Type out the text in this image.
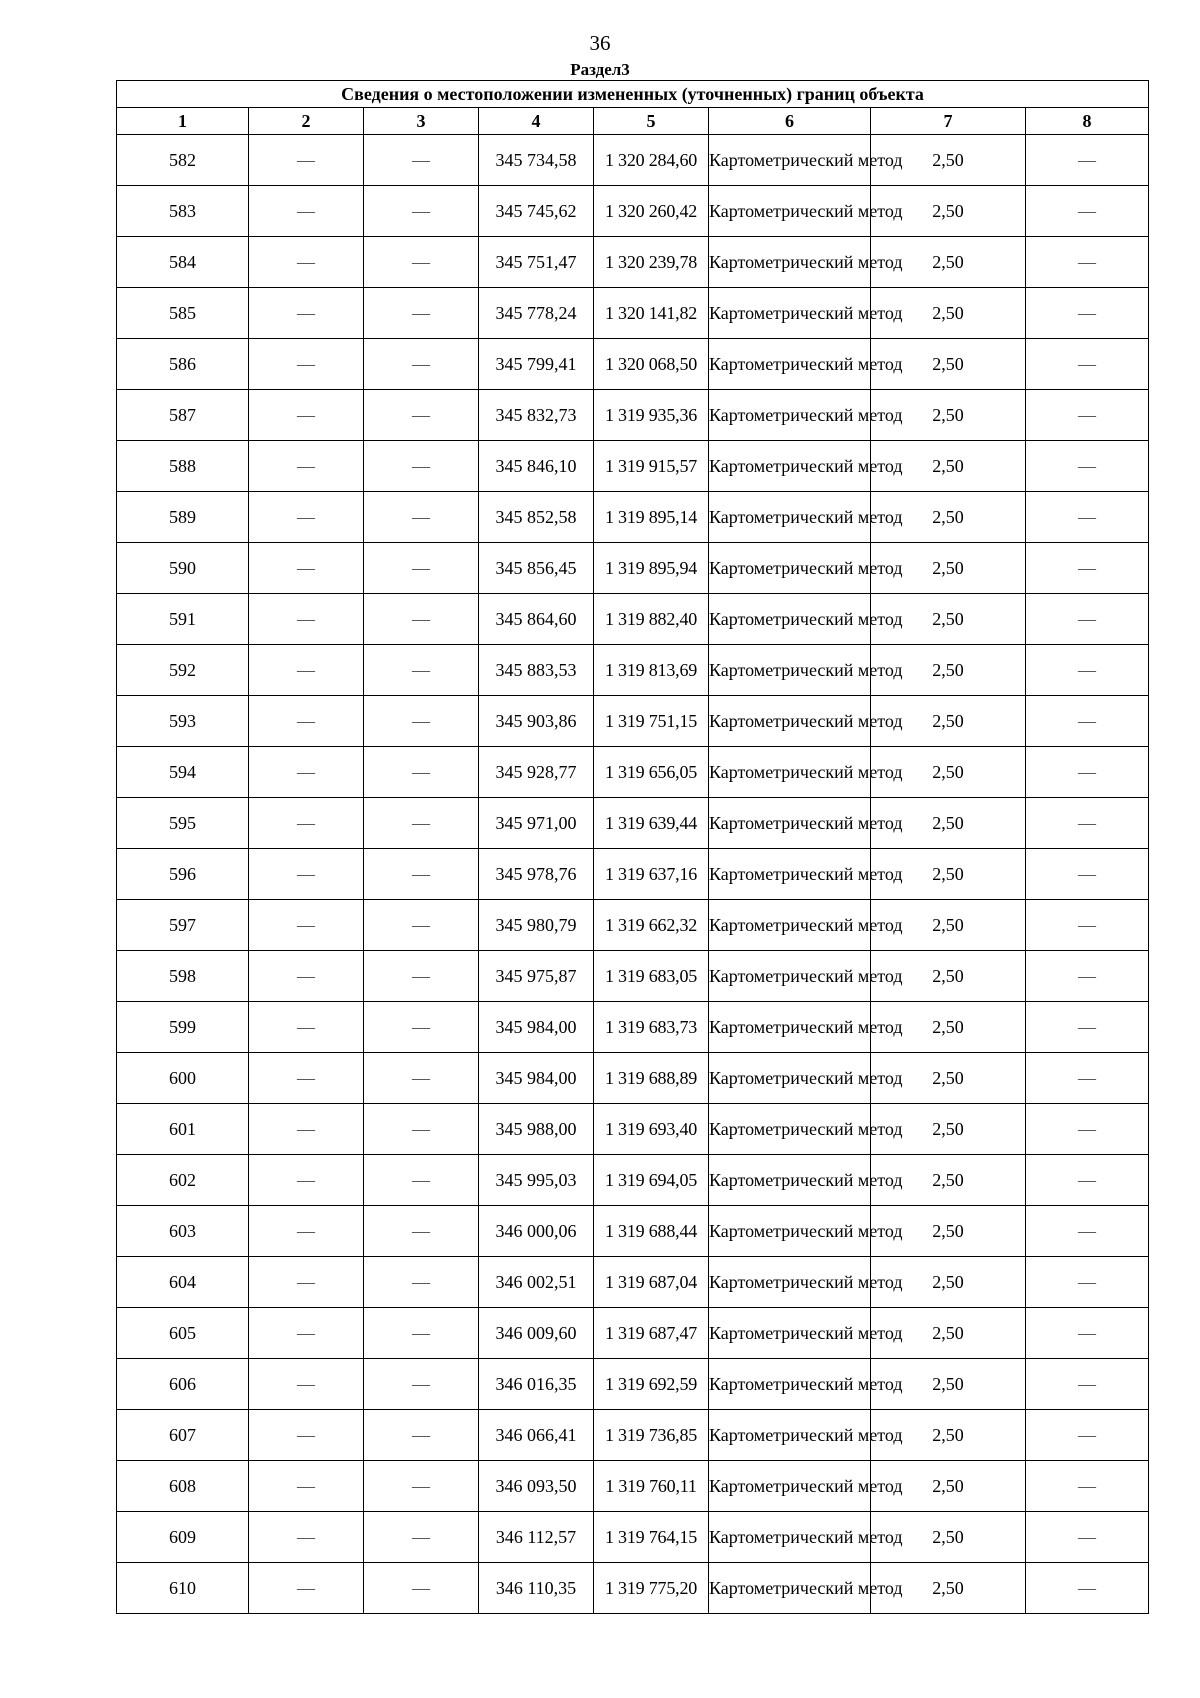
36
Раздел3
Сведения о местоположении измененных (уточненных) границ объекта							
1	2	3	4	5	6	7	8
582	—	—	345 734,58	1 320 284,60	Картометрический метод	2,50	—
583	—	—	345 745,62	1 320 260,42	Картометрический метод	2,50	—
584	—	—	345 751,47	1 320 239,78	Картометрический метод	2,50	—
585	—	—	345 778,24	1 320 141,82	Картометрический метод	2,50	—
586	—	—	345 799,41	1 320 068,50	Картометрический метод	2,50	—
587	—	—	345 832,73	1 319 935,36	Картометрический метод	2,50	—
588	—	—	345 846,10	1 319 915,57	Картометрический метод	2,50	—
589	—	—	345 852,58	1 319 895,14	Картометрический метод	2,50	—
590	—	—	345 856,45	1 319 895,94	Картометрический метод	2,50	—
591	—	—	345 864,60	1 319 882,40	Картометрический метод	2,50	—
592	—	—	345 883,53	1 319 813,69	Картометрический метод	2,50	—
593	—	—	345 903,86	1 319 751,15	Картометрический метод	2,50	—
594	—	—	345 928,77	1 319 656,05	Картометрический метод	2,50	—
595	—	—	345 971,00	1 319 639,44	Картометрический метод	2,50	—
596	—	—	345 978,76	1 319 637,16	Картометрический метод	2,50	—
597	—	—	345 980,79	1 319 662,32	Картометрический метод	2,50	—
598	—	—	345 975,87	1 319 683,05	Картометрический метод	2,50	—
599	—	—	345 984,00	1 319 683,73	Картометрический метод	2,50	—
600	—	—	345 984,00	1 319 688,89	Картометрический метод	2,50	—
601	—	—	345 988,00	1 319 693,40	Картометрический метод	2,50	—
602	—	—	345 995,03	1 319 694,05	Картометрический метод	2,50	—
603	—	—	346 000,06	1 319 688,44	Картометрический метод	2,50	—
604	—	—	346 002,51	1 319 687,04	Картометрический метод	2,50	—
605	—	—	346 009,60	1 319 687,47	Картометрический метод	2,50	—
606	—	—	346 016,35	1 319 692,59	Картометрический метод	2,50	—
607	—	—	346 066,41	1 319 736,85	Картометрический метод	2,50	—
608	—	—	346 093,50	1 319 760,11	Картометрический метод	2,50	—
609	—	—	346 112,57	1 319 764,15	Картометрический метод	2,50	—
610	—	—	346 110,35	1 319 775,20	Картометрический метод	2,50	—
